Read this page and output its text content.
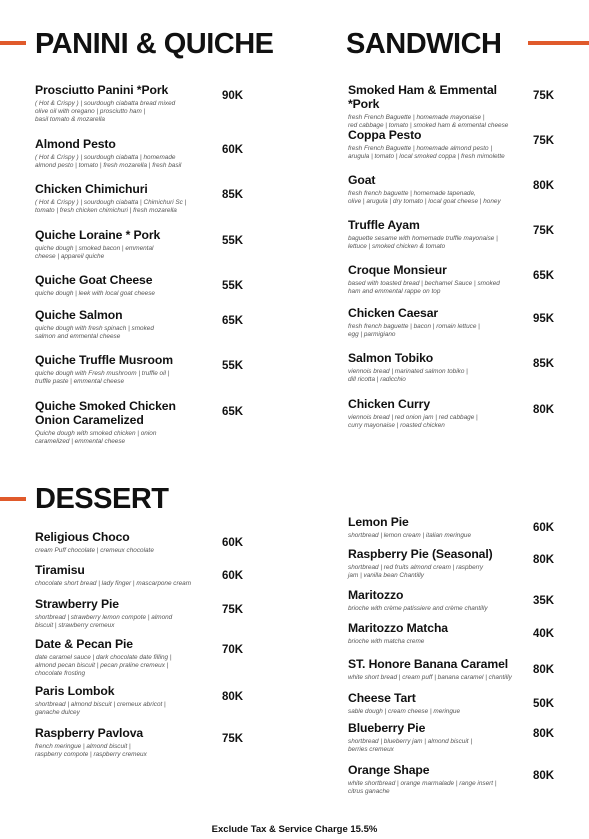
PANINI & QUICHE	SANDWICH
DESSERT
Prosciutto Panini *Pork
( Hot & Crispy ) | sourdough ciabatta bread mixed
olive oil with oregano | prosciutto ham |
basil tomato & mozarella
90K
Almond Pesto
( Hot & Crispy ) | sourdough ciabatta | homemade
almond pesto | tomato | fresh mozarella | fresh basil
60K
Chicken Chimichuri
( Hot & Crispy ) | sourdough ciabatta | Chimichuri Sc |
tomato | fresh chicken chimichuri | fresh mozarella
85K
Quiche Loraine * Pork
quiche dough | smoked bacon | emmental
cheese | appareil quiche
55K
Quiche Goat Cheese
quiche dough | leek with local goat cheese
55K
Quiche Salmon
quiche dough with fresh spinach | smoked
salmon and emmental cheese
65K
Quiche Truffle Musroom
quiche dough with Fresh mushroom | truffle oil |
truffle paste | emmental cheese
55K
Quiche Smoked Chicken
Onion Caramelized
Quiche dough with smoked chicken | onion
caramelized | emmental cheese
65K
Smoked Ham & Emmental *Pork
fresh French Baguette | homemade mayonaise |
red cabbage | tomato | smoked ham & emmental cheese
75K
Coppa Pesto
fresh French Baguette | homemade almond pesto |
arugula | tomato | local smoked coppa | fresh mimolette
75K
Goat
fresh french baguette | homemade tapenade,
olive | arugula | dry tomato | local goat cheese | honey
80K
Truffle Ayam
baguette sesame with homemade truffle mayonaise |
lettuce | smoked chicken & tomato
75K
Croque Monsieur
based with toasted bread | bechamel Sauce | smoked
ham and emmental rappe on top
65K
Chicken Caesar
fresh french baguette | bacon | romain lettuce |
egg | parmigiano
95K
Salmon Tobiko
viennois bread | marinated salmon tobiko |
dill ricotta | radicchio
85K
Chicken Curry
viennois bread | red onion jam | red cabbage |
curry mayonaise | roasted chicken
80K
Religious Choco
cream Puff chocolate | cremeux chocolate
60K
Tiramisu
chocolate short bread | lady finger | mascarpone cream
60K
Strawberry Pie
shortbread | strawberry lemon compote | almond
biscuit | strawberry cremeux
75K
Date & Pecan Pie
date caramel sauce | dark chocolate date filling |
almond pecan biscuit | pecan praline cremeux |
chocolate frosting
70K
Paris Lombok
shortbread | almond biscuit | cremeux abricot |
ganache dulcey
80K
Raspberry Pavlova
french meringue | almond biscuit |
raspberry compote | raspberry cremeux
75K
Lemon Pie
shortbread | lemon cream | italian meringue
60K
Raspberry Pie (Seasonal)
shortbread | red fruits almond cream | raspberry
jam | vanilla bean Chantilly
80K
Maritozzo
brioche with crème patissiere and crème chantilly
35K
Maritozzo Matcha
brioche with matcha creme
40K
ST. Honore Banana Caramel
white short bread | cream puff | banana caramel | chantilly
80K
Cheese Tart
sable dough | cream cheese | meringue
50K
Blueberry Pie
shortbread | blueberry jam | almond biscuit |
berries cremeux
80K
Orange Shape
white shortbread | orange marmalade | range insert |
citrus ganache
80K
Exclude Tax & Service Charge 15.5%
